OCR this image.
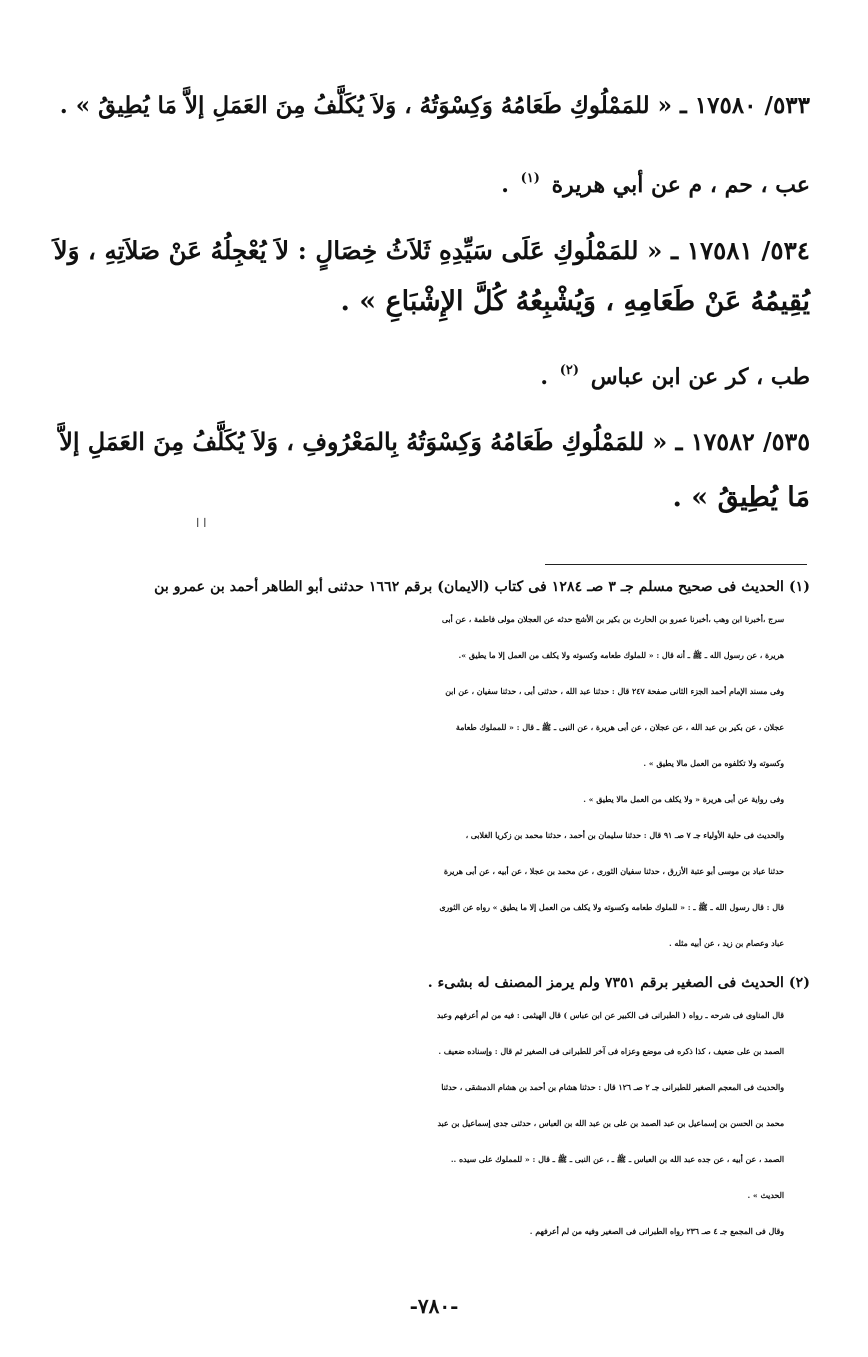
٥٣٣/ ١٧٥٨٠ ـ « للمَمْلُوكِ طَعَامُهُ وَكِسْوَتُهُ ، وَلاَ يُكَلَّفُ مِنَ العَمَلِ إلاَّ مَا يُطِيقُ » .
عب ، حم ، م عن أبي هريرة $^{(١)}$ .
٥٣٤/ ١٧٥٨١ ـ « للمَمْلُوكِ عَلَى سَيِّدِهِ ثَلاَثُ خِصَالٍ : لاَ يُعْجِلُهُ عَنْ صَلاَتِهِ ، وَلاَ
يُقِيمُهُ عَنْ طَعَامِهِ ، وَيُشْبِعُهُ كُلَّ الإِشْبَاعِ » .
طب ، كر عن ابن عباس $^{(٢)}$ .
٥٣٥/ ١٧٥٨٢ ـ « للمَمْلُوكِ طَعَامُهُ وَكِسْوَتُهُ بِالمَعْرُوفِ ، وَلاَ يُكَلَّفُ مِنَ العَمَلِ إلاَّ
مَا يُطِيقُ » .
ا ا
(١) الحديث فى صحيح مسلم جـ ٣ صـ ١٢٨٤ فى كتاب (الايمان) برقم ١٦٦٢ حدثنى أبو الطاهر أحمد بن عمرو بن
سرج ،أخبرنا ابن وهب ،أخبرنا عمرو بن الحارث بن بكير بن الأشج حدثه عن العجلان مولى فاطمة ، عن أبى
هريرة ، عن رسول الله ـ ﷺ ـ أنه قال : « للملوك طعامه وكسوته ولا يكلف من العمل إلا ما يطيق ».
وفى مسند الإمام أحمد الجزء الثانى صفحة ٢٤٧ قال : حدثنا عبد الله ، حدثنى أبى ، حدثنا سفيان ، عن ابن
عجلان ، عن بكير بن عبد الله ، عن عجلان ، عن أبى هريرة ، عن النبى ـ ﷺ ـ قال : « للمملوك طعامة
وكسوته ولا تكلفوه من العمل مالا يطيق » .
وفى رواية عن أبى هريرة « ولا يكلف من العمل مالا يطيق » .
والحديث فى حلية الأولياء جـ ٧ صـ ٩١ قال : حدثنا سليمان بن أحمد ، حدثنا محمد بن زكريا الغلابى ،
حدثنا عباد بن موسى أبو عتبة الأزرق ، حدثنا سفيان الثورى ، عن محمد بن عجلا ، عن أبيه ، عن أبى هريرة
قال : قال رسول الله ـ ﷺ ـ : « للملوك طعامه وكسوته ولا يكلف من العمل إلا ما يطيق » رواه عن الثورى
عباد وعصام بن زيد ، عن أبيه مثله .
(٢) الحديث فى الصغير برقم ٧٣٥١ ولم يرمز المصنف له بشىء .
قال المناوى فى شرحه ـ رواه ( الطبرانى فى الكبير عن ابن عباس ) قال الهيثمى : فيه من لم أعرفهم وعبد
الصمد بن على ضعيف ، كذا ذكره فى موضع وعزاه فى آخر للطبرانى فى الصغير ثم قال : وإسناده ضعيف .
والحديث فى المعجم الصغير للطبرانى جـ ٢ صـ ١٢٦ قال : حدثنا هشام بن أحمد بن هشام الدمشقى ، حدثنا
محمد بن الحسن بن إسماعيل بن عبد الصمد بن على بن عبد الله بن العباس ، حدثنى جدى إسماعيل بن عبد
الصمد ، عن أبيه ، عن جده عبد الله بن العباس ـ ﷺ ـ ، عن النبى ـ ﷺ ـ قال : « للمملوك على سيده ..
الحديث » .
وقال فى المجمع جـ ٤ صـ ٢٣٦ رواه الطبرانى فى الصغير وفيه من لم أعرفهم .
-٧٨٠-
